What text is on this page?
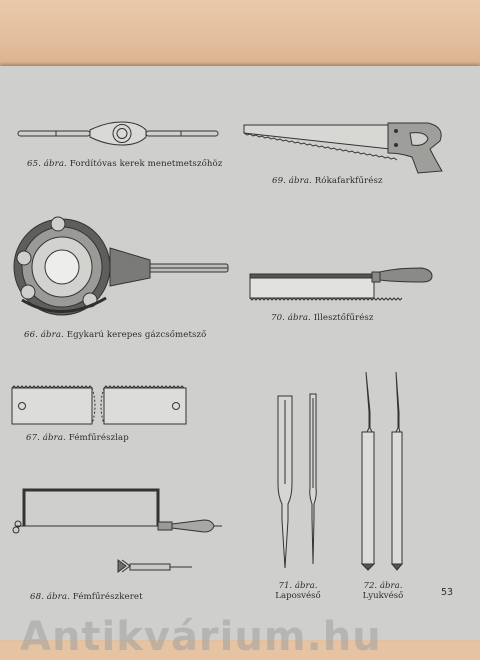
65. ábra. Fordítóvas kerek menetmetszőhöz
69. ábra. Rókafarkfűrész
66. ábra. Egykarú kerepes gázcsőmetsző
70. ábra. Illesztőfűrész
67. ábra. Fémfűrészlap
68. ábra. Fémfűrészkeret
71. ábra.
Laposvéső
72. ábra.
Lyukvéső	53
Antikvárium.hu
